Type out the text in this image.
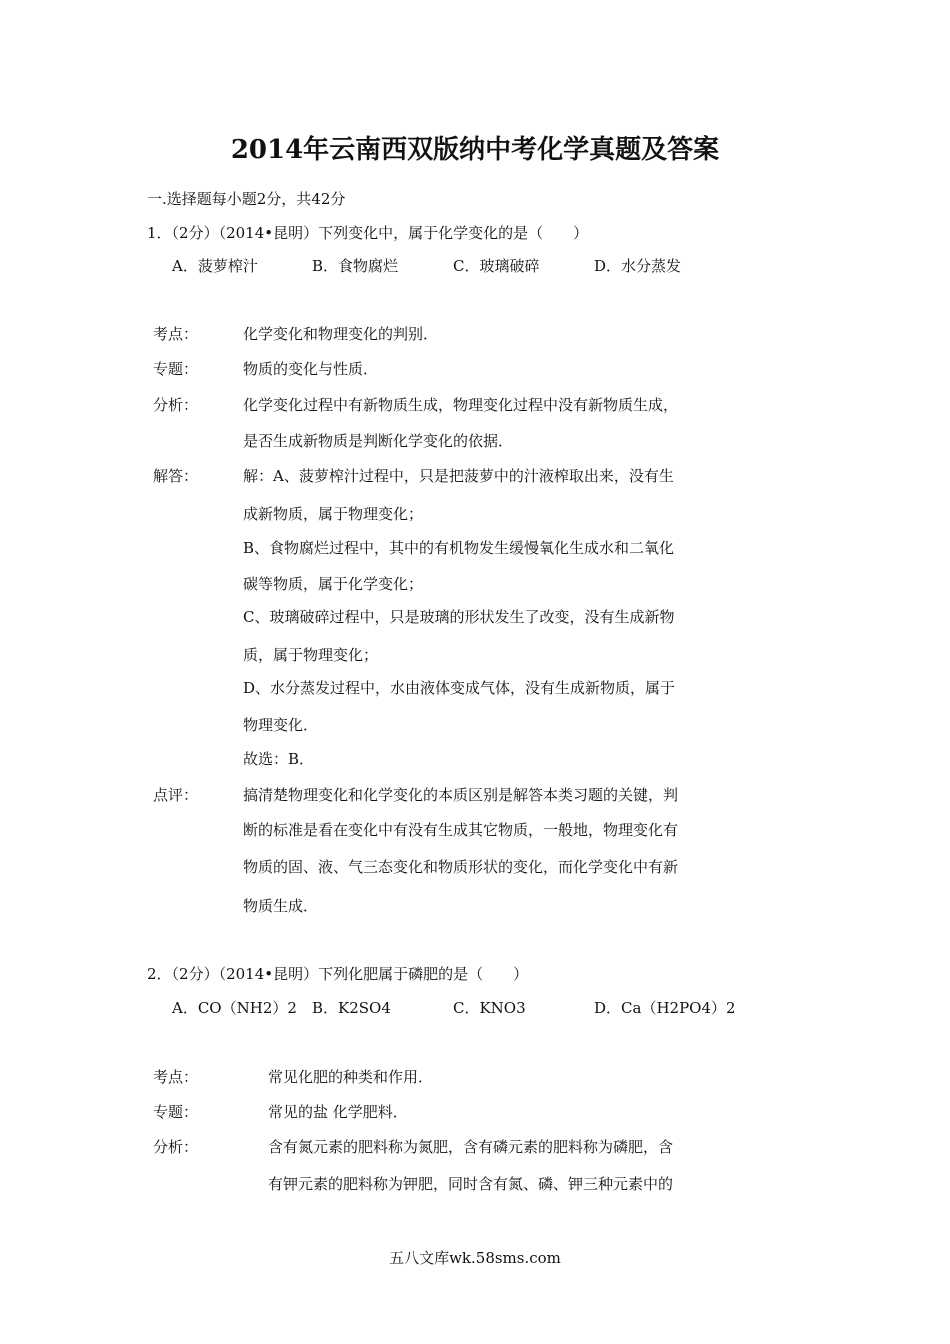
2014年云南西双版纳中考化学真题及答案
一.选择题每小题2分，共42分
1．（2分）（2014•昆明）下列变化中，属于化学变化的是（　　）
A．菠萝榨汁	B．食物腐烂	C．玻璃破碎	D．水分蒸发
考点：	化学变化和物理变化的判别．
专题：	物质的变化与性质．
分析：	化学变化过程中有新物质生成，物理变化过程中没有新物质生成，
是否生成新物质是判断化学变化的依据．
解答：	解：A、菠萝榨汁过程中，只是把菠萝中的汁液榨取出来，没有生
成新物质，属于物理变化；
B、食物腐烂过程中，其中的有机物发生缓慢氧化生成水和二氧化
碳等物质，属于化学变化；
C、玻璃破碎过程中，只是玻璃的形状发生了改变，没有生成新物
质，属于物理变化；
D、水分蒸发过程中，水由液体变成气体，没有生成新物质，属于
物理变化．
故选：B．
点评：	搞清楚物理变化和化学变化的本质区别是解答本类习题的关键，判
断的标准是看在变化中有没有生成其它物质，一般地，物理变化有
物质的固、液、气三态变化和物质形状的变化，而化学变化中有新
物质生成．
2．（2分）（2014•昆明）下列化肥属于磷肥的是（　　）
A．CO（NH2）2 B．K2SO4	C．KNO3	D．Ca（H2PO4）2
考点：	常见化肥的种类和作用．
专题：	常见的盐 化学肥料．
分析：	含有氮元素的肥料称为氮肥，含有磷元素的肥料称为磷肥，含
有钾元素的肥料称为钾肥，同时含有氮、磷、钾三种元素中的
五八文库wk.58sms.com
